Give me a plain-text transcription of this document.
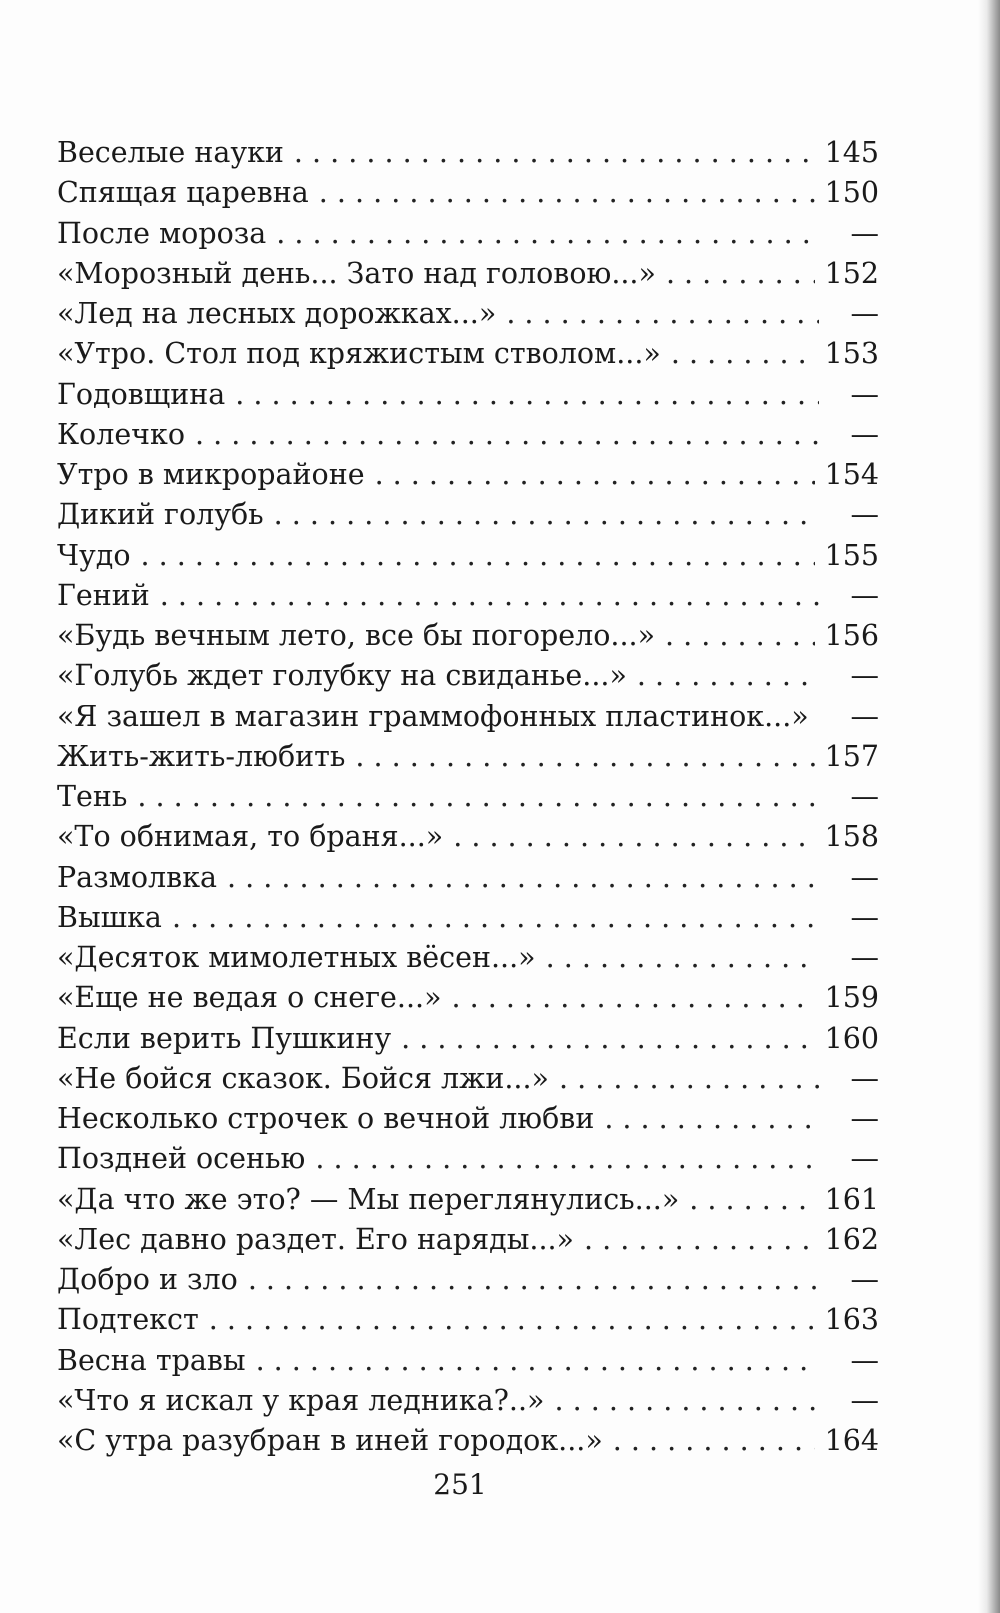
Веселые науки . . .	145
Спящая царевна . . .	150
После мороза . . .	—
«Морозный день... Зато над головою...» . . .	152
«Лед на лесных дорожках...» . . .	—
«Утро. Стол под кряжистым стволом...» . . .	153
Годовщина . . .	—
Колечко . . .	—
Утро в микрорайоне . . .	154
Дикий голубь . . .	—
Чудо . . .	155
Гений . . .	—
«Будь вечным лето, все бы погорело...» . . .	156
«Голубь ждет голубку на свиданье...» . . .	—
«Я зашел в магазин граммофонных пластинок...» . . .	—
Жить-жить-любить . . .	157
Тень . . .	—
«То обнимая, то браня...» . . .	158
Размолвка . . .	—
Вышка . . .	—
«Десяток мимолетных вёсен...» . . .	—
«Еще не ведая о снеге...» . . .	159
Если верить Пушкину . . .	160
«Не бойся сказок. Бойся лжи...» . . .	—
Несколько строчек о вечной любви . . .	—
Поздней осенью . . .	—
«Да что же это? — Мы переглянулись...» . . .	161
«Лес давно раздет. Его наряды...» . . .	162
Добро и зло . . .	—
Подтекст . . .	163
Весна травы . . .	—
«Что я искал у края ледника?..» . . .	—
«С утра разубран в иней городок...» . . .	164
251
